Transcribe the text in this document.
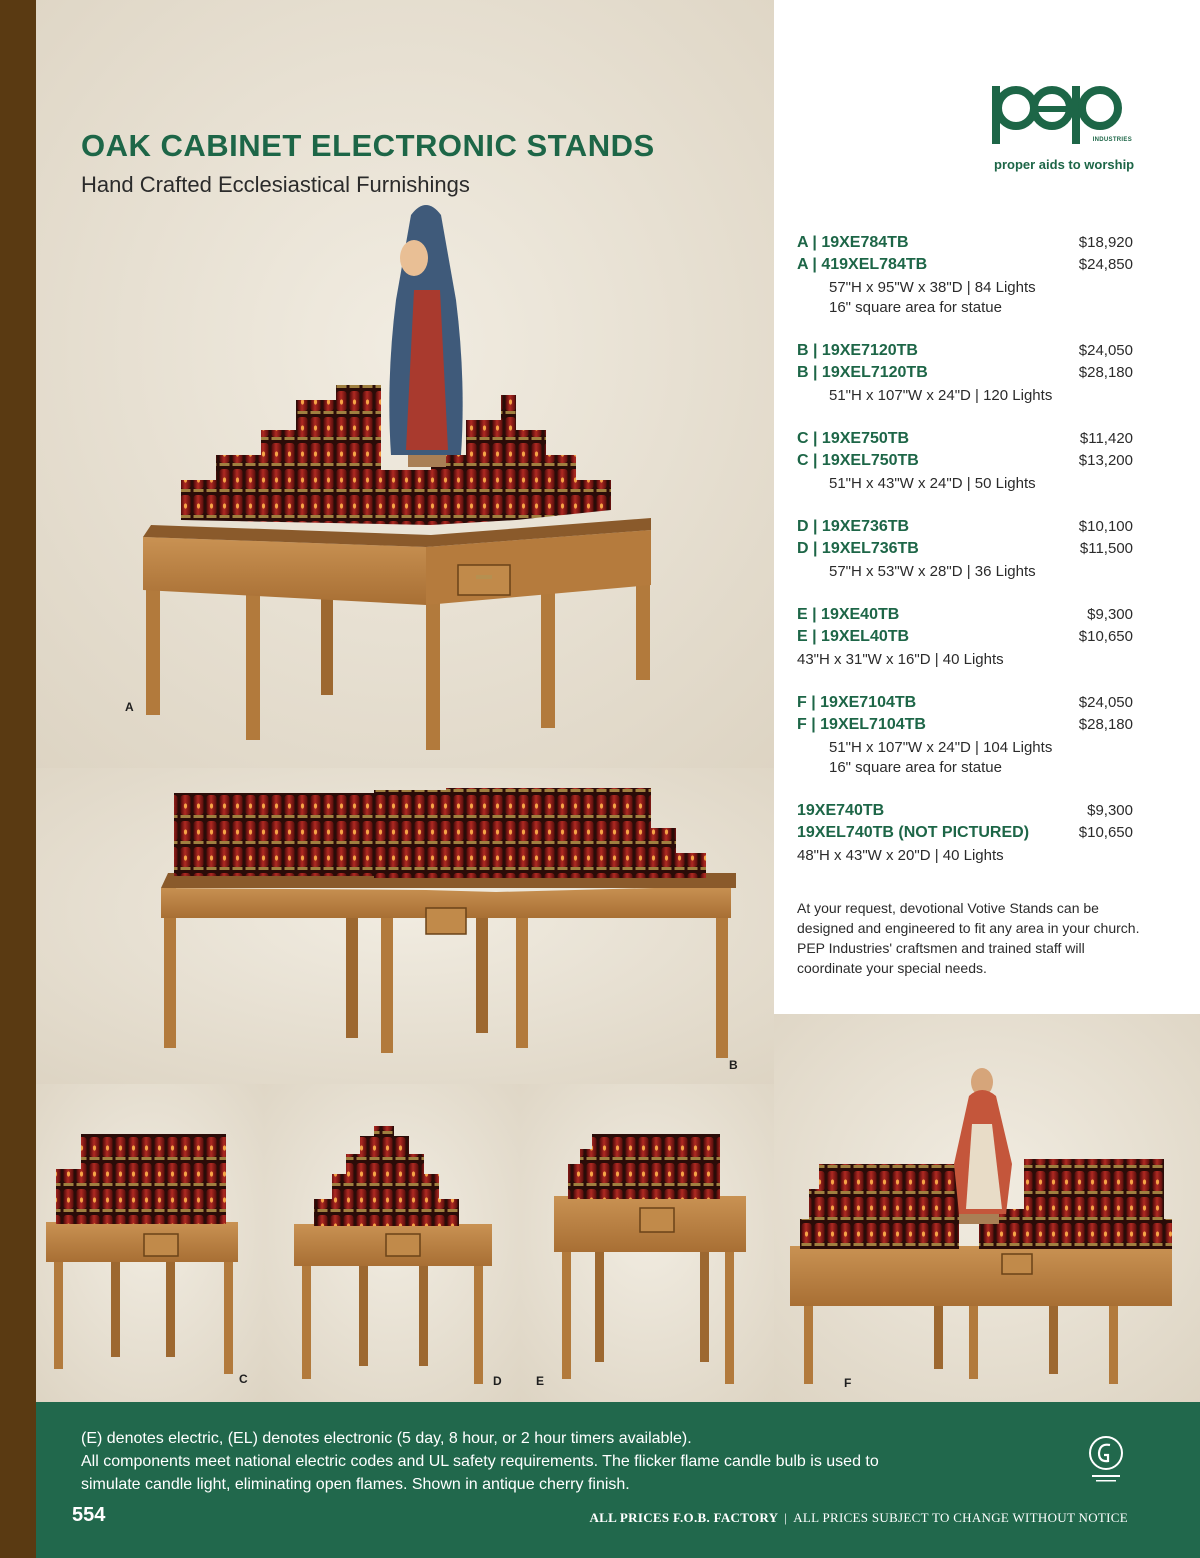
A
B
C	D	E	F
OAK CABINET ELECTRONIC STANDS
Hand Crafted Ecclesiastical Furnishings
INDUSTRIES
proper aids to worship
A | 19XE784TB	$18,920
A | 419XEL784TB	$24,850
57"H x 95"W x 38"D | 84 Lights
16" square area for statue
B | 19XE7120TB	$24,050
B | 19XEL7120TB	$28,180
51"H x 107"W x 24"D | 120 Lights
C | 19XE750TB	$11,420
C | 19XEL750TB	$13,200
51"H x 43"W x 24"D | 50 Lights
D | 19XE736TB	$10,100
D | 19XEL736TB	$11,500
57"H x 53"W x 28"D | 36 Lights
E | 19XE40TB	$9,300
E | 19XEL40TB	$10,650
43"H x 31"W x 16"D | 40 Lights
F | 19XE7104TB	$24,050
F | 19XEL7104TB	$28,180
51"H x 107"W x 24"D | 104 Lights
16" square area for statue
19XE740TB	$9,300
19XEL740TB (NOT PICTURED)	$10,650
48"H x 43"W x 20"D | 40 Lights

At your request, devotional Votive Stands can be designed and engineered to fit any area in your church. PEP Industries' craftsmen and trained staff will coordinate your special needs.

(E) denotes electric, (EL) denotes electronic (5 day, 8 hour, or 2 hour timers available).
All components meet national electric codes and UL safety requirements. The flicker flame candle bulb is used to simulate candle light, eliminating open flames. Shown in antique cherry finish.

554	ALL PRICES F.O.B. FACTORY | ALL PRICES SUBJECT TO CHANGE WITHOUT NOTICE
